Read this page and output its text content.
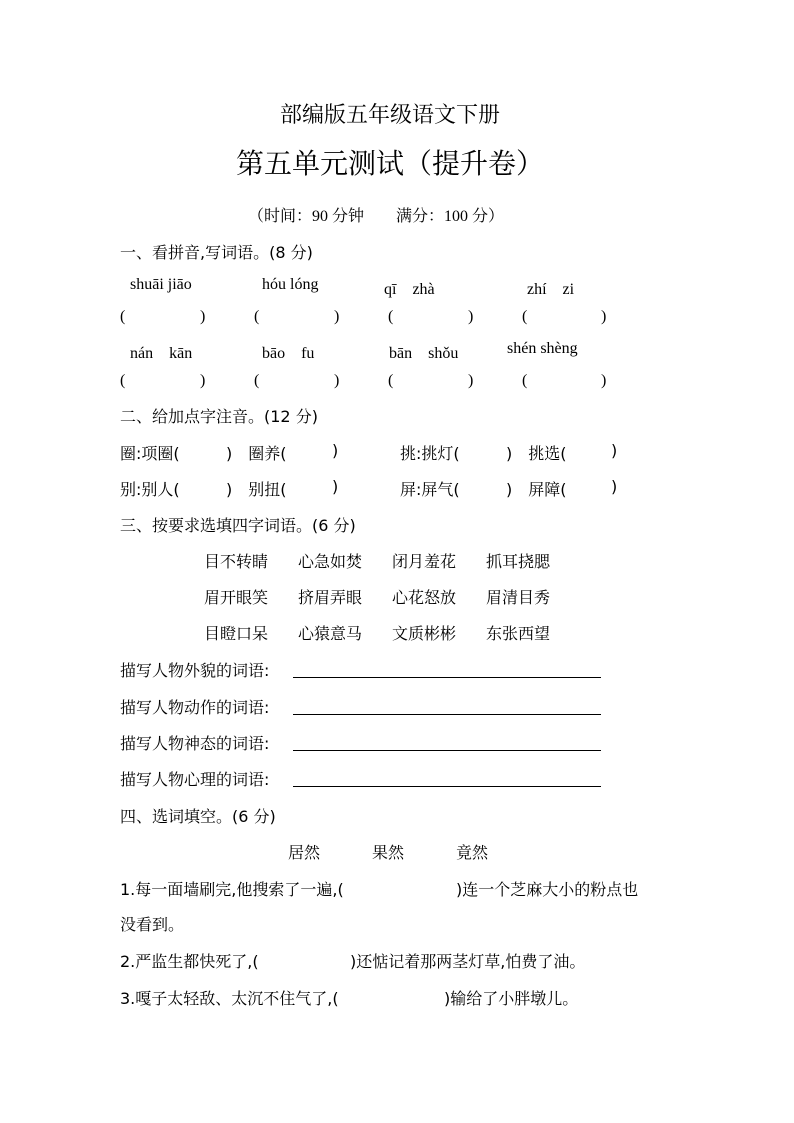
部编版五年级语文下册
第五单元测试（提升卷）
（时间：90 分钟　　满分：100 分）
一、看拼音,写词语。(8 分)
shuāi jiāo	hóu lóng	qī　zhà	zhí　zi
(	)	(	)	(	)	(	)
nán　kān	bāo　fu	bān　shǒu	shén shèng
(	)	(	)	(	)	(	)
二、给加点字注音。(12 分)
圈:项圈(	)　圈养(	)	挑:挑灯(	)　挑选(	)
别:别人(	)　别扭(	)	屏:屏气(	)　屏障(	)
三、按要求选填四字词语。(6 分)
目不转睛 心急如焚 闭月羞花 抓耳挠腮
眉开眼笑 挤眉弄眼 心花怒放 眉清目秀
目瞪口呆 心猿意马 文质彬彬 东张西望
描写人物外貌的词语:
描写人物动作的词语:
描写人物神态的词语:
描写人物心理的词语:
四、选词填空。(6 分)
居然	果然	竟然
1.每一面墙刷完,他搜索了一遍,(	)连一个芝麻大小的粉点也
没看到。
2.严监生都快死了,(	)还惦记着那两茎灯草,怕费了油。
3.嘎子太轻敌、太沉不住气了,(	)输给了小胖墩儿。
